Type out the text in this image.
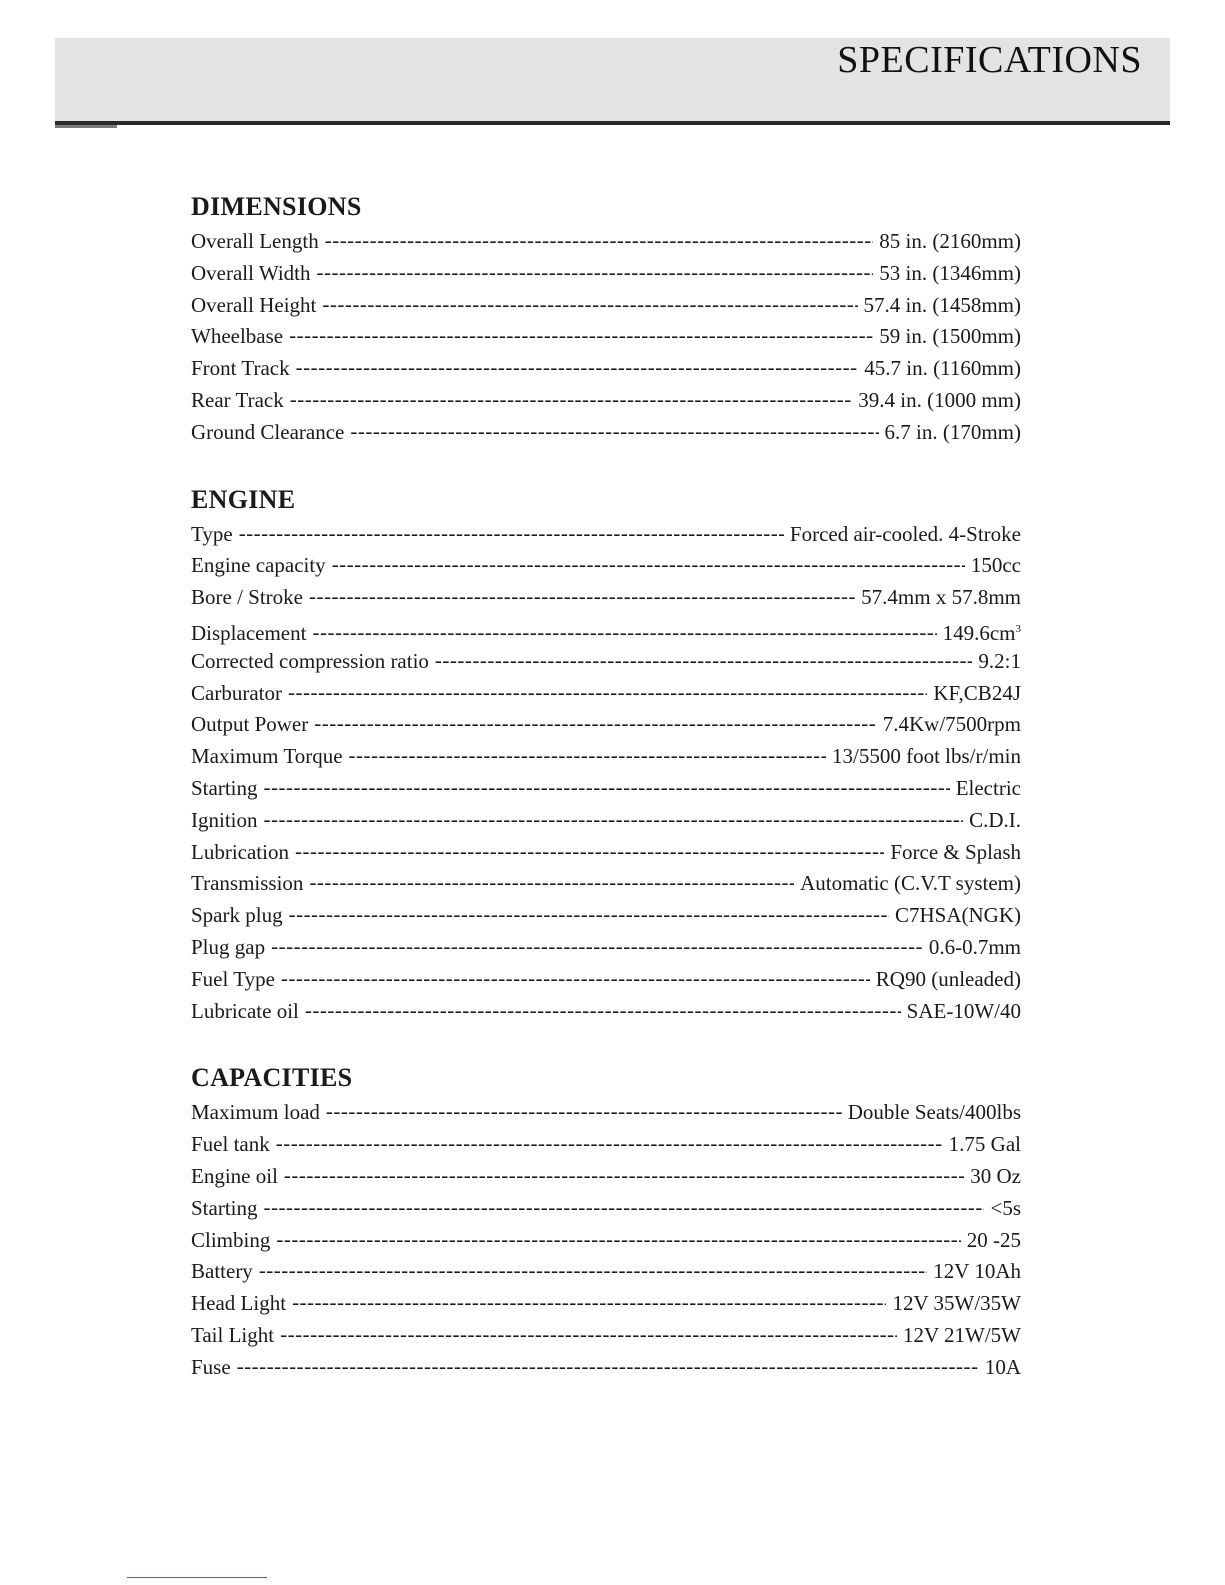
SPECIFICATIONS
DIMENSIONS
Overall Length -----	85 in. (2160mm)
Overall Width -----	53 in. (1346mm)
Overall Height -----	57.4 in. (1458mm)
Wheelbase -----	59 in. (1500mm)
Front Track -----	45.7 in. (1160mm)
Rear Track -----	39.4 in. (1000 mm)
Ground Clearance -----	6.7 in. (170mm)
ENGINE
Type -----	Forced air-cooled. 4-Stroke
Engine capacity -----	150cc
Bore / Stroke -----	57.4mm x 57.8mm
Displacement -----	$149.6cm^3$
Corrected compression ratio -----	9.2:1
Carburator -----	KF,CB24J
Output Power -----	7.4Kw/7500rpm
Maximum Torque -----	13/5500 foot lbs/r/min
Starting -----	Electric
Ignition -----	C.D.I.
Lubrication -----	Force & Splash
Transmission -----	Automatic (C.V.T system)
Spark plug -----	C7HSA(NGK)
Plug gap -----	0.6-0.7mm
Fuel Type -----	RQ90 (unleaded)
Lubricate oil -----	SAE-10W/40
CAPACITIES
Maximum load -----	Double Seats/400lbs
Fuel tank -----	1.75 Gal
Engine oil -----	30 Oz
Starting -----	<5s
Climbing -----	20 -25
Battery -----	12V 10Ah
Head Light -----	12V 35W/35W
Tail Light -----	12V 21W/5W
Fuse -----	10A
